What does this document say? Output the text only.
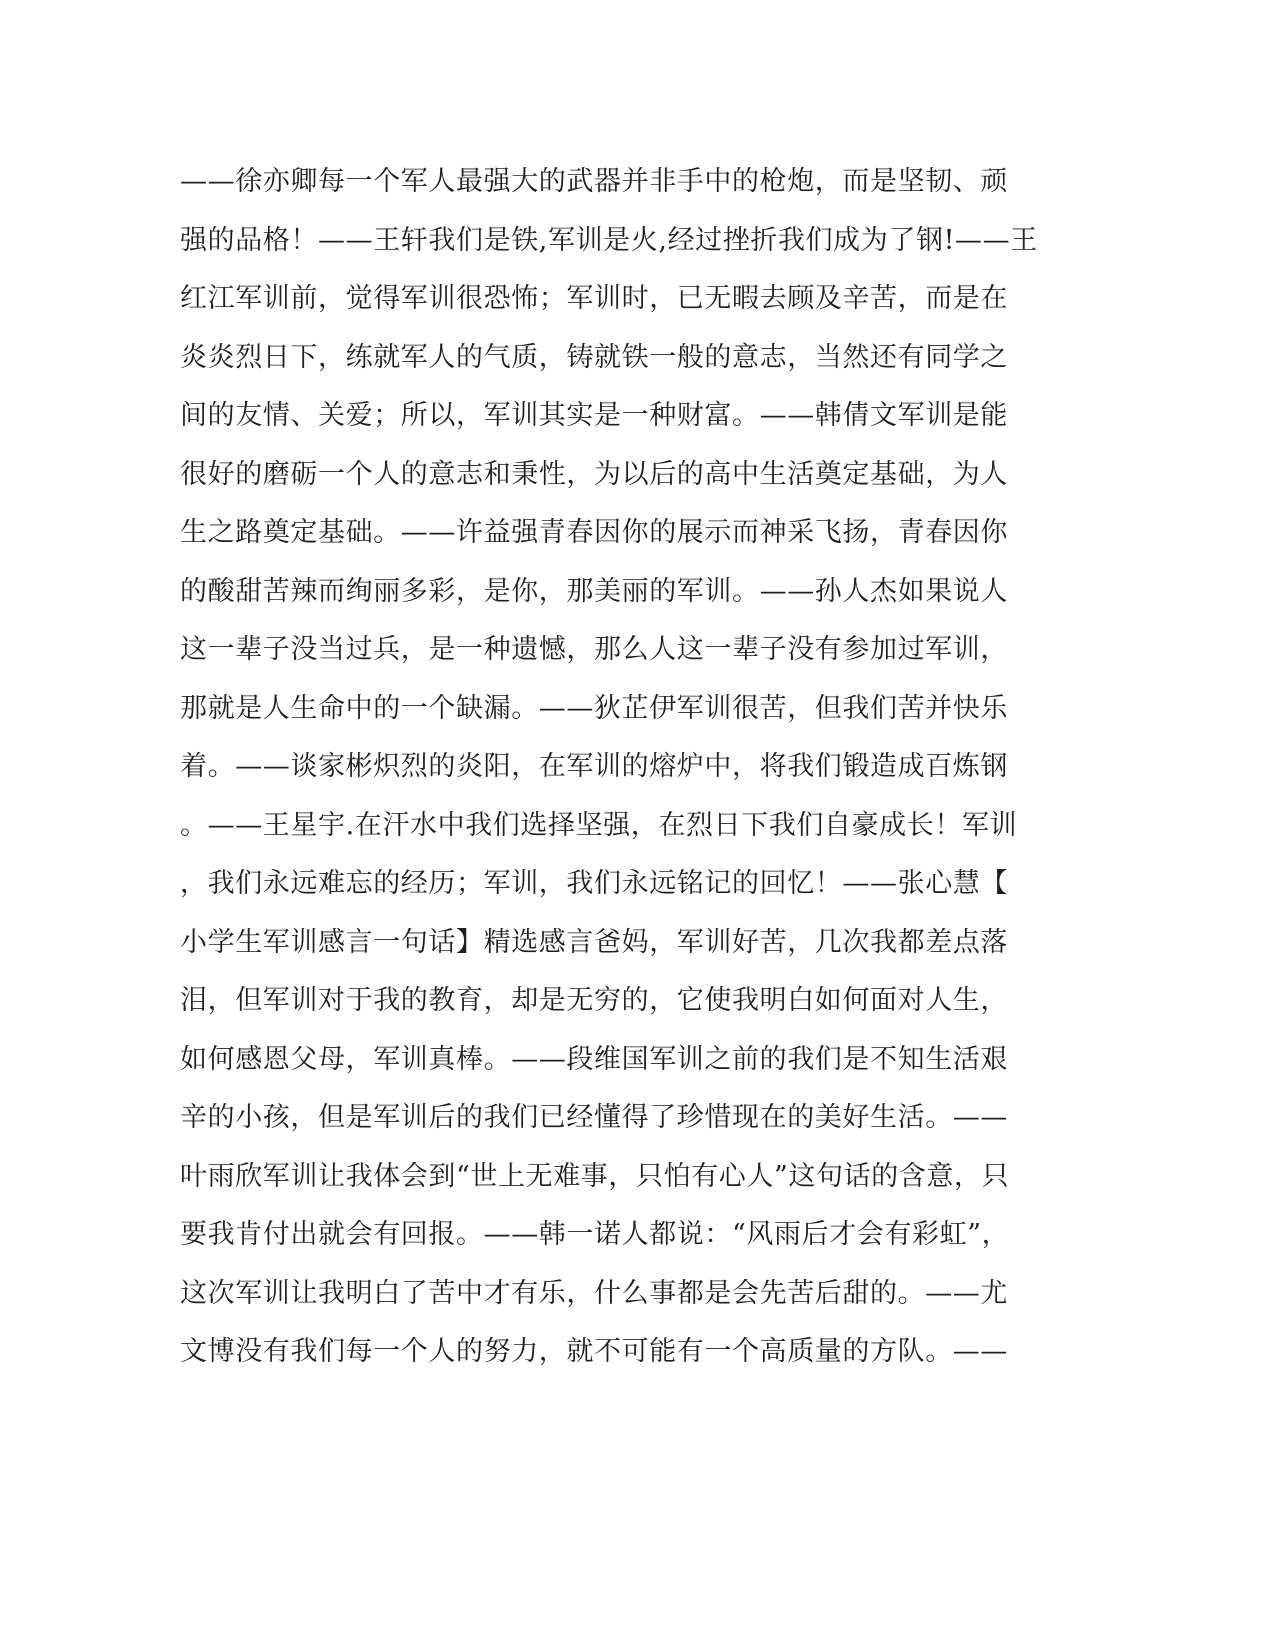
——徐亦卿每一个军人最强大的武器并非手中的枪炮，而是坚韧、顽
强的品格！——王轩我们是铁,军训是火,经过挫折我们成为了钢!——王
红江军训前，觉得军训很恐怖；军训时，已无暇去顾及辛苦，而是在
炎炎烈日下，练就军人的气质，铸就铁一般的意志，当然还有同学之
间的友情、关爱；所以，军训其实是一种财富。——韩倩文军训是能
很好的磨砺一个人的意志和秉性，为以后的高中生活奠定基础，为人
生之路奠定基础。——许益强青春因你的展示而神采飞扬，青春因你
的酸甜苦辣而绚丽多彩，是你，那美丽的军训。——孙人杰如果说人
这一辈子没当过兵，是一种遗憾，那么人这一辈子没有参加过军训，
那就是人生命中的一个缺漏。——狄芷伊军训很苦，但我们苦并快乐
着。——谈家彬炽烈的炎阳，在军训的熔炉中，将我们锻造成百炼钢
。——王星宇.在汗水中我们选择坚强，在烈日下我们自豪成长！军训
，我们永远难忘的经历；军训，我们永远铭记的回忆！——张心慧【
小学生军训感言一句话】精选感言爸妈，军训好苦，几次我都差点落
泪，但军训对于我的教育，却是无穷的，它使我明白如何面对人生，
如何感恩父母，军训真棒。——段维国军训之前的我们是不知生活艰
辛的小孩，但是军训后的我们已经懂得了珍惜现在的美好生活。——
叶雨欣军训让我体会到“世上无难事，只怕有心人”这句话的含意，只
要我肯付出就会有回报。——韩一诺人都说：“风雨后才会有彩虹”，
这次军训让我明白了苦中才有乐，什么事都是会先苦后甜的。——尤
文博没有我们每一个人的努力，就不可能有一个高质量的方队。——
